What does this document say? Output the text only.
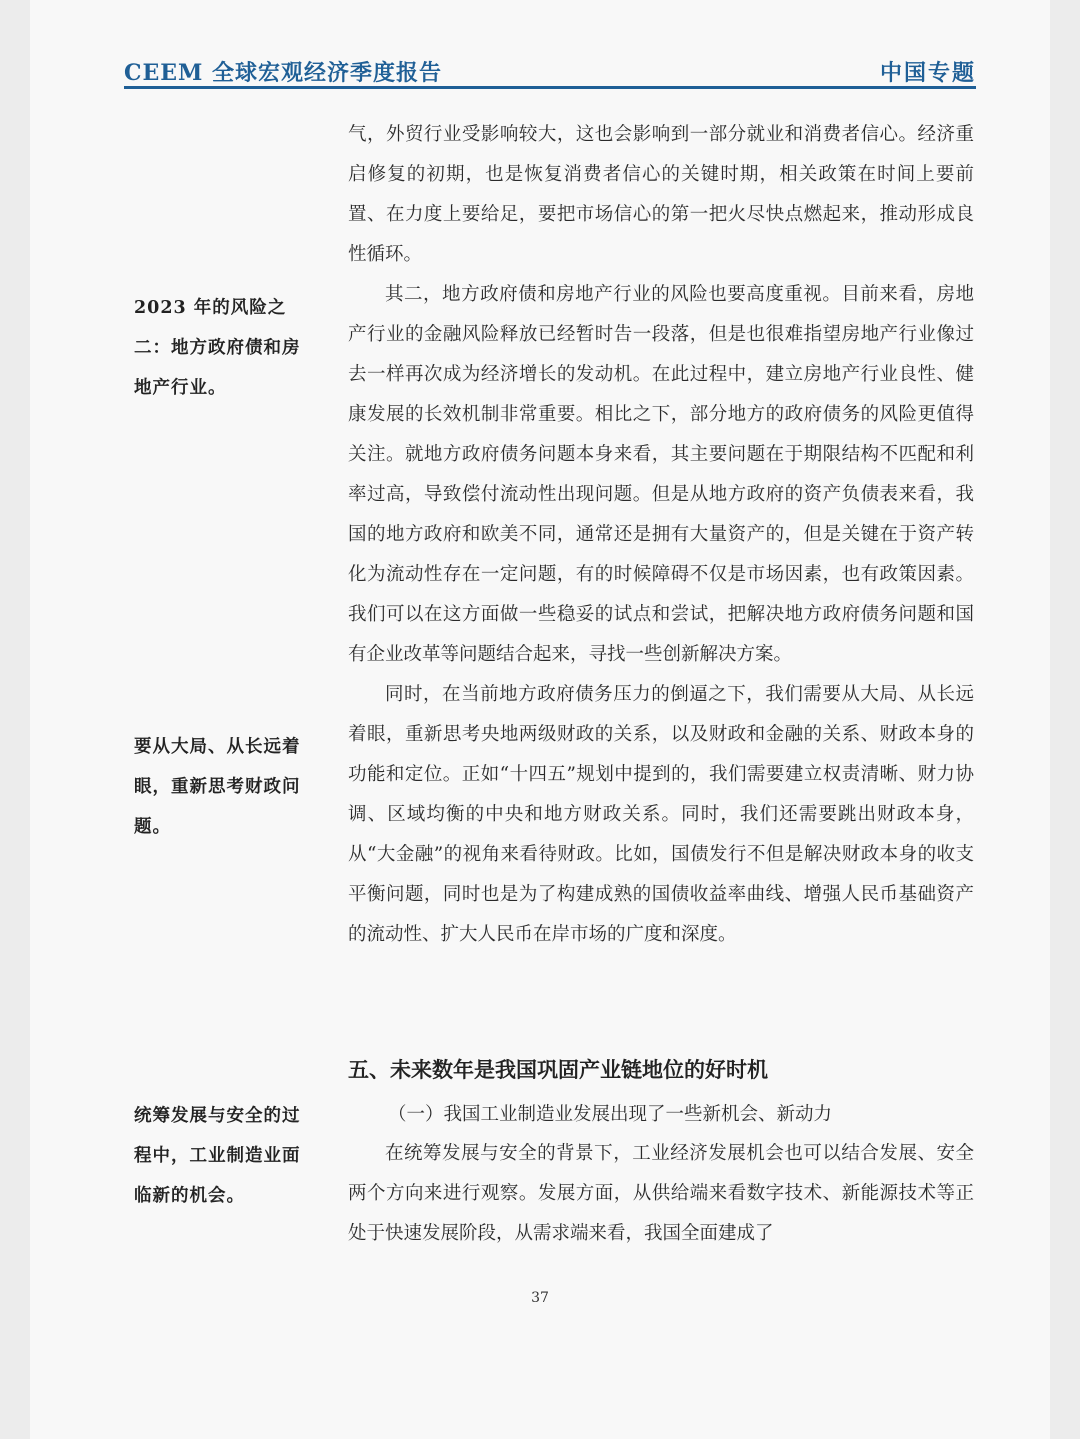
CEEM 全球宏观经济季度报告	中国专题
2023 年的风险之二：地方政府债和房地产行业。
要从大局、从长远着眼，重新思考财政问题。
统筹发展与安全的过程中，工业制造业面临新的机会。

气，外贸行业受影响较大，这也会影响到一部分就业和消费者信心。经济重启修复的初期，也是恢复消费者信心的关键时期，相关政策在时间上要前置、在力度上要给足，要把市场信心的第一把火尽快点燃起来，推动形成良性循环。

其二，地方政府债和房地产行业的风险也要高度重视。目前来看，房地产行业的金融风险释放已经暂时告一段落，但是也很难指望房地产行业像过去一样再次成为经济增长的发动机。在此过程中，建立房地产行业良性、健康发展的长效机制非常重要。相比之下，部分地方的政府债务的风险更值得关注。就地方政府债务问题本身来看，其主要问题在于期限结构不匹配和利率过高，导致偿付流动性出现问题。但是从地方政府的资产负债表来看，我国的地方政府和欧美不同，通常还是拥有大量资产的，但是关键在于资产转化为流动性存在一定问题，有的时候障碍不仅是市场因素，也有政策因素。我们可以在这方面做一些稳妥的试点和尝试，把解决地方政府债务问题和国有企业改革等问题结合起来，寻找一些创新解决方案。

同时，在当前地方政府债务压力的倒逼之下，我们需要从大局、从长远着眼，重新思考央地两级财政的关系，以及财政和金融的关系、财政本身的功能和定位。正如“十四五”规划中提到的，我们需要建立权责清晰、财力协调、区域均衡的中央和地方财政关系。同时，我们还需要跳出财政本身，从“大金融”的视角来看待财政。比如，国债发行不但是解决财政本身的收支平衡问题，同时也是为了构建成熟的国债收益率曲线、增强人民币基础资产的流动性、扩大人民币在岸市场的广度和深度。

五、未来数年是我国巩固产业链地位的好时机
（一）我国工业制造业发展出现了一些新机会、新动力

在统筹发展与安全的背景下，工业经济发展机会也可以结合发展、安全两个方向来进行观察。发展方面，从供给端来看数字技术、新能源技术等正处于快速发展阶段，从需求端来看，我国全面建成了

37
